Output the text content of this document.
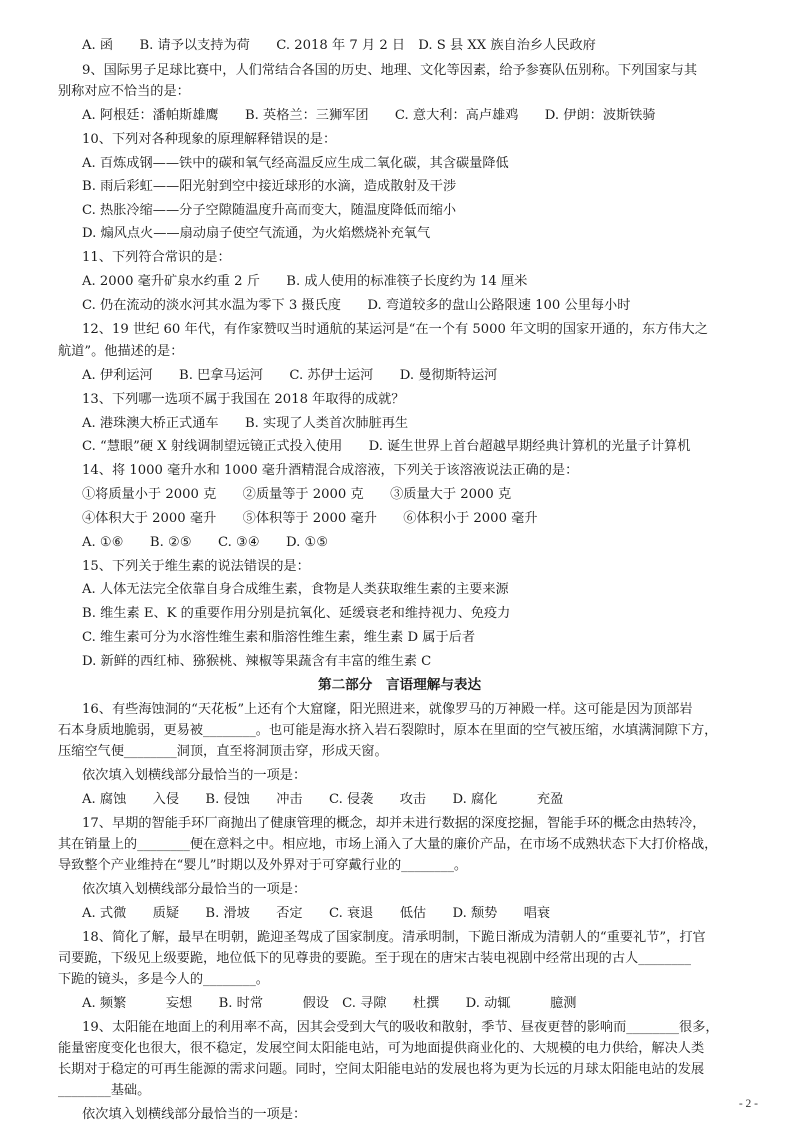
A. 函　　B. 请予以支持为荷　　C. 2018 年 7 月 2 日　D. S 县 XX 族自治乡人民政府
9、国际男子足球比赛中，人们常结合各国的历史、地理、文化等因素，给予参赛队伍别称。下列国家与其
别称对应不恰当的是：
A. 阿根廷：潘帕斯雄鹰　　B. 英格兰：三狮军团　　C. 意大利：高卢雄鸡　　D. 伊朗：波斯铁骑
10、下列对各种现象的原理解释错误的是：
A. 百炼成钢——铁中的碳和氧气经高温反应生成二氧化碳，其含碳量降低
B. 雨后彩虹——阳光射到空中接近球形的水滴，造成散射及干涉
C. 热胀冷缩——分子空隙随温度升高而变大，随温度降低而缩小
D. 煽风点火——扇动扇子使空气流通，为火焰燃烧补充氧气
11、下列符合常识的是：
A. 2000 毫升矿泉水约重 2 斤　　B. 成人使用的标准筷子长度约为 14 厘米
C. 仍在流动的淡水河其水温为零下 3 摄氏度　　D. 弯道较多的盘山公路限速 100 公里每小时
12、19 世纪 60 年代，有作家赞叹当时通航的某运河是“在一个有 5000 年文明的国家开通的，东方伟大之
航道”。他描述的是：
A. 伊利运河　　B. 巴拿马运河　　C. 苏伊士运河　　D. 曼彻斯特运河
13、下列哪一选项不属于我国在 2018 年取得的成就？
A. 港珠澳大桥正式通车　　B. 实现了人类首次肺脏再生
C. “慧眼”硬 X 射线调制望远镜正式投入使用　　D. 诞生世界上首台超越早期经典计算机的光量子计算机
14、将 1000 毫升水和 1000 毫升酒精混合成溶液，下列关于该溶液说法正确的是：
①将质量小于 2000 克　　②质量等于 2000 克　　③质量大于 2000 克
④体积大于 2000 毫升　　⑤体积等于 2000 毫升　　⑥体积小于 2000 毫升
A. ①⑥　　B. ②⑤　　C. ③④　　D. ①⑤
15、下列关于维生素的说法错误的是：
A. 人体无法完全依靠自身合成维生素，食物是人类获取维生素的主要来源
B. 维生素 E、K 的重要作用分别是抗氧化、延缓衰老和维持视力、免疫力
C. 维生素可分为水溶性维生素和脂溶性维生素，维生素 D 属于后者
D. 新鲜的西红柿、猕猴桃、辣椒等果蔬含有丰富的维生素 C
第二部分　言语理解与表达
16、有些海蚀洞的“天花板”上还有个大窟窿，阳光照进来，就像罗马的万神殿一样。这可能是因为顶部岩
石本身质地脆弱，更易被________。也可能是海水挤入岩石裂隙时，原本在里面的空气被压缩，水填满洞隙下方，
压缩空气便________洞顶，直至将洞顶击穿，形成天窗。
依次填入划横线部分最恰当的一项是：
A. 腐蚀　　入侵　　B. 侵蚀　　冲击　　C. 侵袭　　攻击　　D. 腐化　　　充盈
17、早期的智能手环厂商抛出了健康管理的概念，却并未进行数据的深度挖掘，智能手环的概念由热转冷，
其在销量上的________便在意料之中。相应地，市场上涌入了大量的廉价产品，在市场不成熟状态下大打价格战，
导致整个产业维持在“婴儿”时期以及外界对于可穿戴行业的________。
依次填入划横线部分最恰当的一项是：
A. 式微　　质疑　　B. 滑坡　　否定　　C. 衰退　　低估　　D. 颓势　　唱衰
18、简化了解，最早在明朝，跪迎圣驾成了国家制度。清承明制，下跪日渐成为清朝人的“重要礼节”，打官
司要跪，下级见上级要跪，地位低下的见尊贵的要跪。至于现在的唐宋古装电视剧中经常出现的古人________
下跪的镜头，多是今人的________。
A. 频繁　　　妄想　　B. 时常　　　假设　C. 寻隙　　杜撰　　D. 动辄　　　臆测
19、太阳能在地面上的利用率不高，因其会受到大气的吸收和散射，季节、昼夜更替的影响而________很多，
能量密度变化也很大，很不稳定，发展空间太阳能电站，可为地面提供商业化的、大规模的电力供给，解决人类
长期对于稳定的可再生能源的需求问题。同时，空间太阳能电站的发展也将为更为长远的月球太阳能电站的发展
________基础。
依次填入划横线部分最恰当的一项是：
- 2 -
